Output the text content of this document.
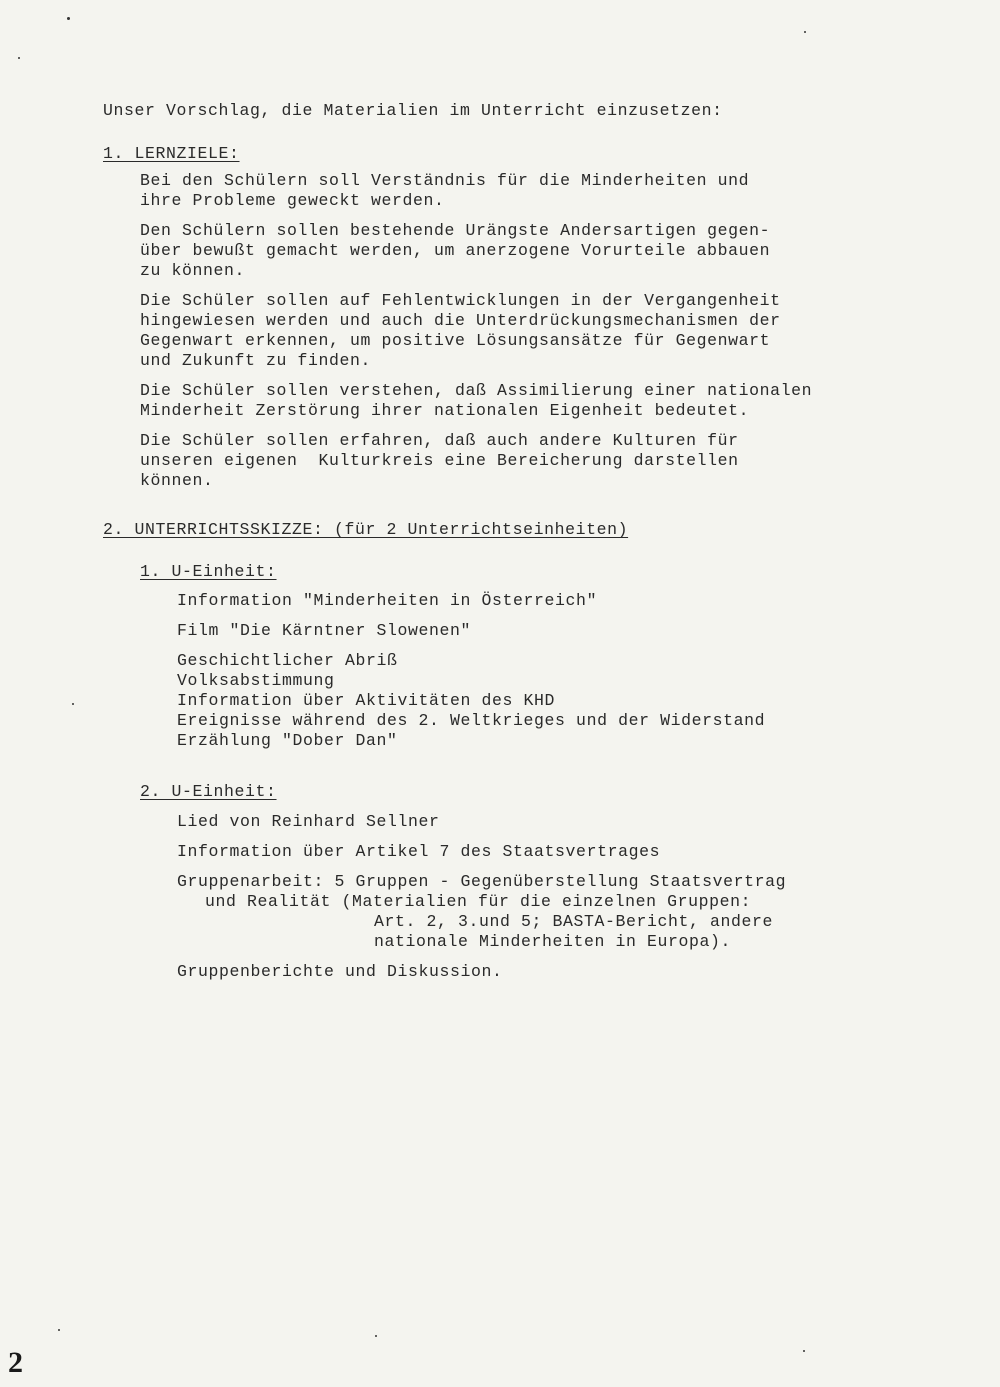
Unser Vorschlag, die Materialien im Unterricht einzusetzen:
1. LERNZIELE:
Bei den Schülern soll Verständnis für die Minderheiten und
ihre Probleme geweckt werden.
Den Schülern sollen bestehende Urängste Andersartigen gegen-
über bewußt gemacht werden, um anerzogene Vorurteile abbauen
zu können.
Die Schüler sollen auf Fehlentwicklungen in der Vergangenheit
hingewiesen werden und auch die Unterdrückungsmechanismen der
Gegenwart erkennen, um positive Lösungsansätze für Gegenwart
und Zukunft zu finden.
Die Schüler sollen verstehen, daß Assimilierung einer nationalen
Minderheit Zerstörung ihrer nationalen Eigenheit bedeutet.
Die Schüler sollen erfahren, daß auch andere Kulturen für
unseren eigenen  Kulturkreis eine Bereicherung darstellen
können.
2. UNTERRICHTSSKIZZE: (für 2 Unterrichtseinheiten)
1. U-Einheit:
Information "Minderheiten in Österreich"
Film "Die Kärntner Slowenen"
Geschichtlicher Abriß
Volksabstimmung
Information über Aktivitäten des KHD
Ereignisse während des 2. Weltkrieges und der Widerstand
Erzählung "Dober Dan"
2. U-Einheit:
Lied von Reinhard Sellner
Information über Artikel 7 des Staatsvertrages
Gruppenarbeit: 5 Gruppen - Gegenüberstellung Staatsvertrag
und Realität (Materialien für die einzelnen Gruppen:
Art. 2, 3.und 5; BASTA-Bericht, andere
nationale Minderheiten in Europa).
Gruppenberichte und Diskussion.
2
